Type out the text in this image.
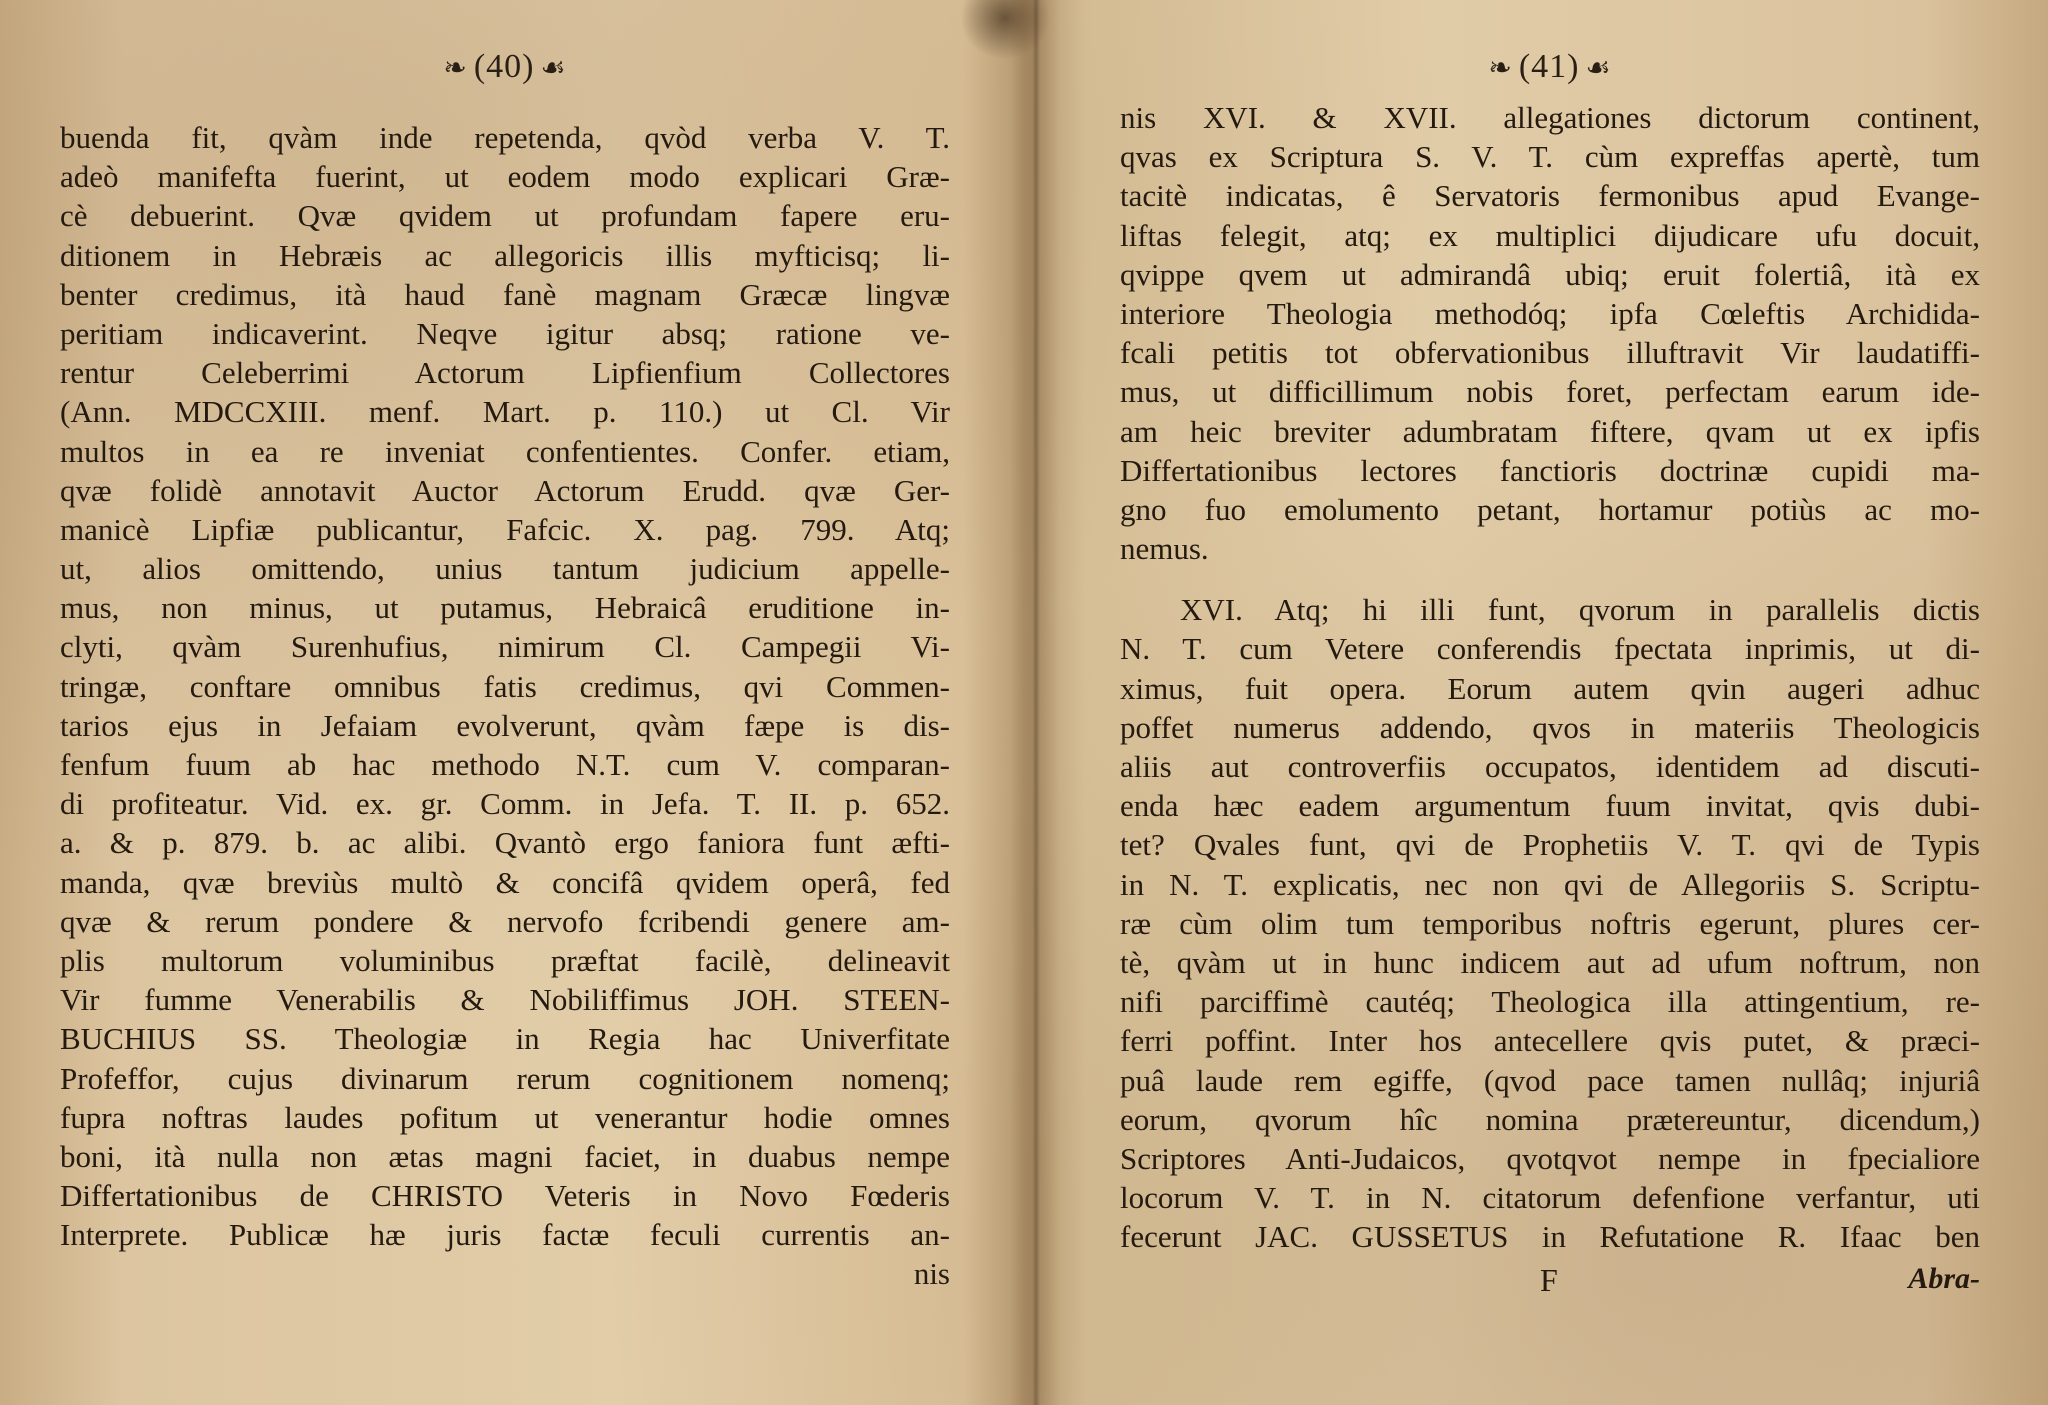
❧ (40) ☙
buenda fit, qvàm inde repetenda, qvòd verba V. T.
adeò manifefta fuerint, ut eodem modo explicari Græ-
cè debuerint. Qvæ qvidem ut profundam fapere eru-
ditionem in Hebræis ac allegoricis illis myfticisq; li-
benter credimus, ità haud fanè magnam Græcæ lingvæ
peritiam indicaverint. Neqve igitur absq; ratione ve-
rentur Celeberrimi Actorum Lipfienfium Collectores
(Ann. MDCCXIII. menf. Mart. p. 110.) ut Cl. Vir
multos in ea re inveniat confentientes. Confer. etiam,
qvæ folidè annotavit Auctor Actorum Erudd. qvæ Ger-
manicè Lipfiæ publicantur, Fafcic. X. pag. 799. Atq;
ut, alios omittendo, unius tantum judicium appelle-
mus, non minus, ut putamus, Hebraicâ eruditione in-
clyti, qvàm Surenhufius, nimirum Cl. Campegii Vi-
tringæ, conftare omnibus fatis credimus, qvi Commen-
tarios ejus in Jefaiam evolverunt, qvàm fæpe is dis-
fenfum fuum ab hac methodo N.T. cum V. comparan-
di profiteatur. Vid. ex. gr. Comm. in Jefa. T. II. p. 652.
a. & p. 879. b. ac alibi. Qvantò ergo faniora funt æfti-
manda, qvæ breviùs multò & concifâ qvidem operâ, fed
qvæ & rerum pondere & nervofo fcribendi genere am-
plis multorum voluminibus præftat facilè, delineavit
Vir fumme Venerabilis & Nobiliffimus JOH. STEEN-
BUCHIUS SS. Theologiæ in Regia hac Univerfitate
Profeffor, cujus divinarum rerum cognitionem nomenq;
fupra noftras laudes pofitum ut venerantur hodie omnes
boni, ità nulla non ætas magni faciet, in duabus nempe
Differtationibus de CHRISTO Veteris in Novo Fœderis
Interprete. Publicæ hæ juris factæ feculi currentis an-
nis
❧ (41) ☙
nis XVI. & XVII. allegationes dictorum continent,
qvas ex Scriptura S. V. T. cùm expreffas apertè, tum
tacitè indicatas, ê Servatoris fermonibus apud Evange-
liftas felegit, atq; ex multiplici dijudicare ufu docuit,
qvippe qvem ut admirandâ ubiq; eruit folertiâ, ità ex
interiore Theologia methodóq; ipfa Cœleftis Archidida-
fcali petitis tot obfervationibus illuftravit Vir laudatiffi-
mus, ut difficillimum nobis foret, perfectam earum ide-
am heic breviter adumbratam fiftere, qvam ut ex ipfis
Differtationibus lectores fanctioris doctrinæ cupidi ma-
gno fuo emolumento petant, hortamur potiùs ac mo-
nemus.
XVI. Atq; hi illi funt, qvorum in parallelis dictis
N. T. cum Vetere conferendis fpectata inprimis, ut di-
ximus, fuit opera. Eorum autem qvin augeri adhuc
poffet numerus addendo, qvos in materiis Theologicis
aliis aut controverfiis occupatos, identidem ad discuti-
enda hæc eadem argumentum fuum invitat, qvis dubi-
tet? Qvales funt, qvi de Prophetiis V. T. qvi de Typis
in N. T. explicatis, nec non qvi de Allegoriis S. Scriptu-
ræ cùm olim tum temporibus noftris egerunt, plures cer-
tè, qvàm ut in hunc indicem aut ad ufum noftrum, non
nifi parciffimè cautéq; Theologica illa attingentium, re-
ferri poffint. Inter hos antecellere qvis putet, & præci-
puâ laude rem egiffe, (qvod pace tamen nullâq; injuriâ
eorum, qvorum hîc nomina prætereuntur, dicendum,)
Scriptores Anti-Judaicos, qvotqvot nempe in fpecialiore
locorum V. T. in N. citatorum defenfione verfantur, uti
fecerunt JAC. GUSSETUS in Refutatione R. Ifaac ben
F	Abra-
